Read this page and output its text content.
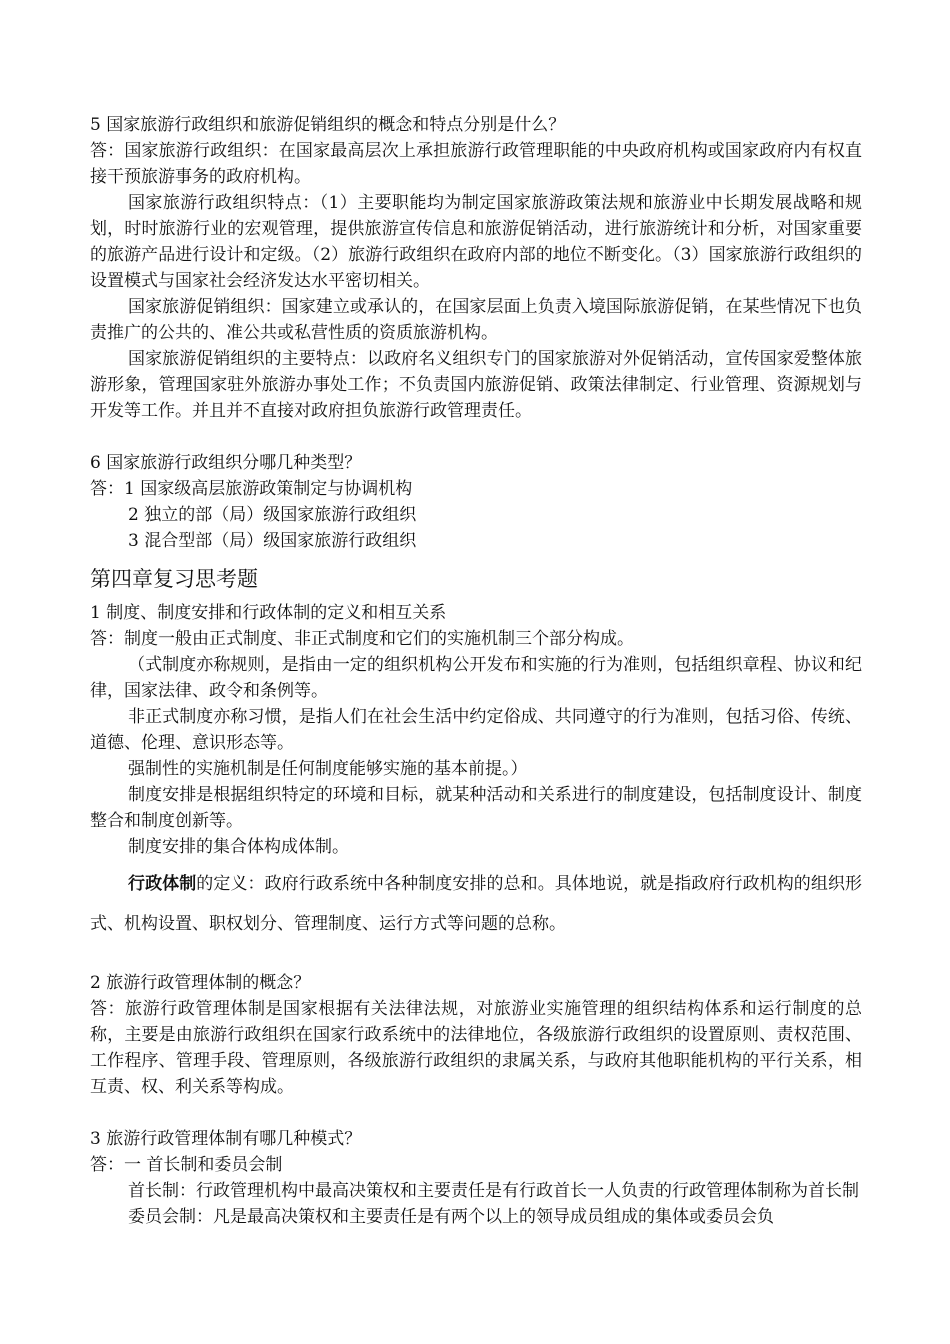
5 国家旅游行政组织和旅游促销组织的概念和特点分别是什么？

答：国家旅游行政组织：在国家最高层次上承担旅游行政管理职能的中央政府机构或国家政府内有权直接干预旅游事务的政府机构。

国家旅游行政组织特点：（1）主要职能均为制定国家旅游政策法规和旅游业中长期发展战略和规划，时时旅游行业的宏观管理，提供旅游宣传信息和旅游促销活动，进行旅游统计和分析，对国家重要的旅游产品进行设计和定级。（2）旅游行政组织在政府内部的地位不断变化。（3）国家旅游行政组织的设置模式与国家社会经济发达水平密切相关。

国家旅游促销组织：国家建立或承认的，在国家层面上负责入境国际旅游促销，在某些情况下也负责推广的公共的、准公共或私营性质的资质旅游机构。

国家旅游促销组织的主要特点：以政府名义组织专门的国家旅游对外促销活动，宣传国家爱整体旅游形象，管理国家驻外旅游办事处工作；不负责国内旅游促销、政策法律制定、行业管理、资源规划与开发等工作。并且并不直接对政府担负旅游行政管理责任。

6 国家旅游行政组织分哪几种类型？

答：1 国家级高层旅游政策制定与协调机构

2 独立的部（局）级国家旅游行政组织

3 混合型部（局）级国家旅游行政组织

第四章复习思考题

1 制度、制度安排和行政体制的定义和相互关系

答：制度一般由正式制度、非正式制度和它们的实施机制三个部分构成。

（式制度亦称规则，是指由一定的组织机构公开发布和实施的行为准则，包括组织章程、协议和纪律，国家法律、政令和条例等。

非正式制度亦称习惯，是指人们在社会生活中约定俗成、共同遵守的行为准则，包括习俗、传统、道德、伦理、意识形态等。

强制性的实施机制是任何制度能够实施的基本前提。）

制度安排是根据组织特定的环境和目标，就某种活动和关系进行的制度建设，包括制度设计、制度整合和制度创新等。

制度安排的集合体构成体制。

行政体制的定义：政府行政系统中各种制度安排的总和。具体地说，就是指政府行政机构的组织形式、机构设置、职权划分、管理制度、运行方式等问题的总称。

2 旅游行政管理体制的概念？

答：旅游行政管理体制是国家根据有关法律法规，对旅游业实施管理的组织结构体系和运行制度的总称，主要是由旅游行政组织在国家行政系统中的法律地位，各级旅游行政组织的设置原则、责权范围、工作程序、管理手段、管理原则，各级旅游行政组织的隶属关系，与政府其他职能机构的平行关系，相互责、权、利关系等构成。

3 旅游行政管理体制有哪几种模式？

答：一 首长制和委员会制

首长制：行政管理机构中最高决策权和主要责任是有行政首长一人负责的行政管理体制称为首长制

委员会制：凡是最高决策权和主要责任是有两个以上的领导成员组成的集体或委员会负
